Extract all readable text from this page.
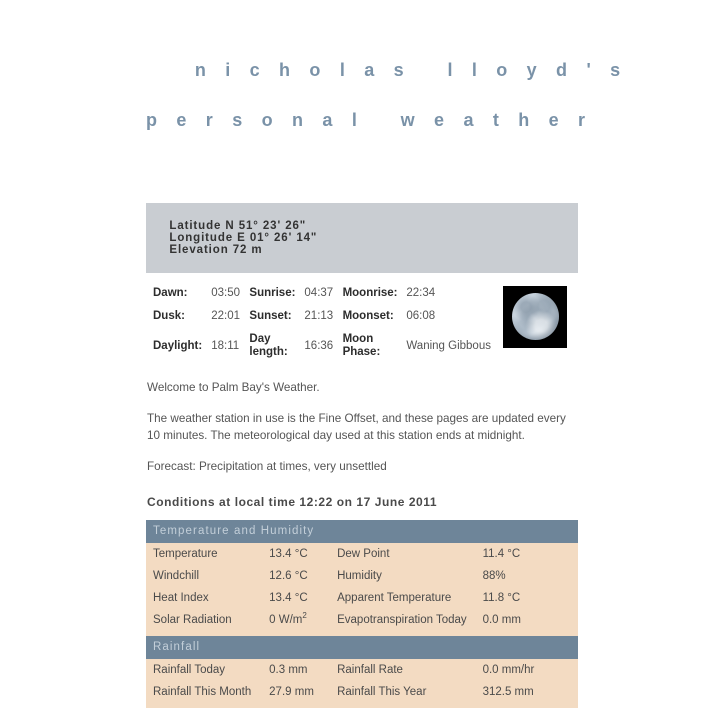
n i c h o l a s   l l o y d ' s

p e r s o n a l   w e a t h e r

Latitude N 51° 23' 26"
Longitude E 01° 26' 14"
Elevation 72 m

Dawn:	03:50	Sunrise:	04:37	Moonrise:	22:34
Dusk:	22:01	Sunset:	21:13	Moonset:	06:08
Daylight:	18:11	Day length:	16:36	Moon Phase:	Waning Gibbous

Welcome to Palm Bay's Weather.

The weather station in use is the Fine Offset, and these pages are updated every 10 minutes. The meteorological day used at this station ends at midnight.

Forecast: Precipitation at times, very unsettled

Conditions at local time 12:22 on 17 June 2011
Temperature and Humidity			
Temperature	13.4 °C	Dew Point	11.4 °C
Windchill	12.6 °C	Humidity	88%
Heat Index	13.4 °C	Apparent Temperature	11.8 °C
Solar Radiation	0 $W/m^2$	Evapotranspiration Today	0.0 mm

Rainfall			
Rainfall Today	0.3 mm	Rainfall Rate	0.0 mm/hr
Rainfall This Month	27.9 mm	Rainfall This Year	312.5 mm
